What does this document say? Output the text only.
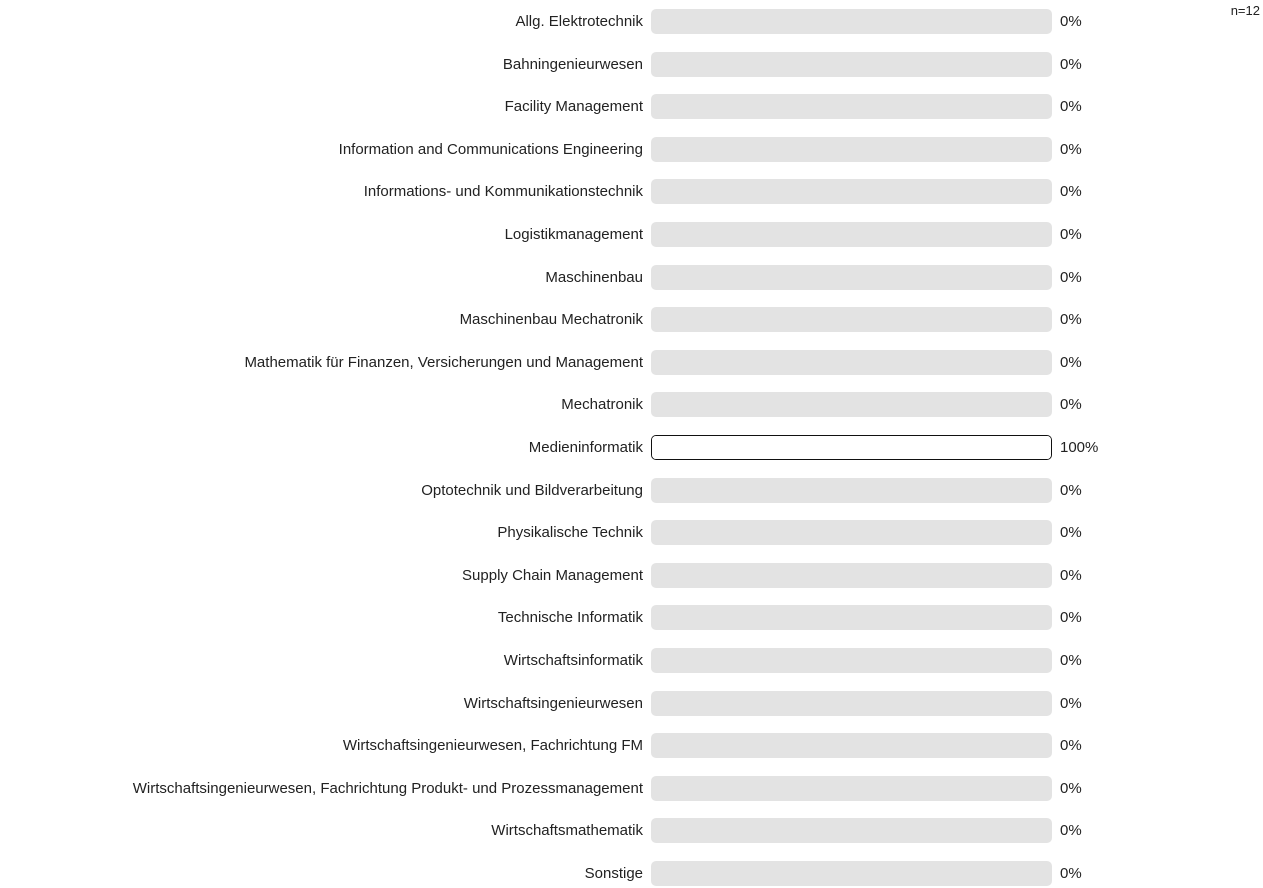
n=12
Allg. Elektrotechnik	0%
Bahningenieurwesen	0%
Facility Management	0%
Information and Communications Engineering	0%
Informations- und Kommunikationstechnik	0%
Logistikmanagement	0%
Maschinenbau	0%
Maschinenbau Mechatronik	0%
Mathematik für Finanzen, Versicherungen und Management	0%
Mechatronik	0%
Medieninformatik	100%
Optotechnik und Bildverarbeitung	0%
Physikalische Technik	0%
Supply Chain Management	0%
Technische Informatik	0%
Wirtschaftsinformatik	0%
Wirtschaftsingenieurwesen	0%
Wirtschaftsingenieurwesen, Fachrichtung FM	0%
Wirtschaftsingenieurwesen, Fachrichtung Produkt- und Prozessmanagement	0%
Wirtschaftsmathematik	0%
Sonstige	0%
